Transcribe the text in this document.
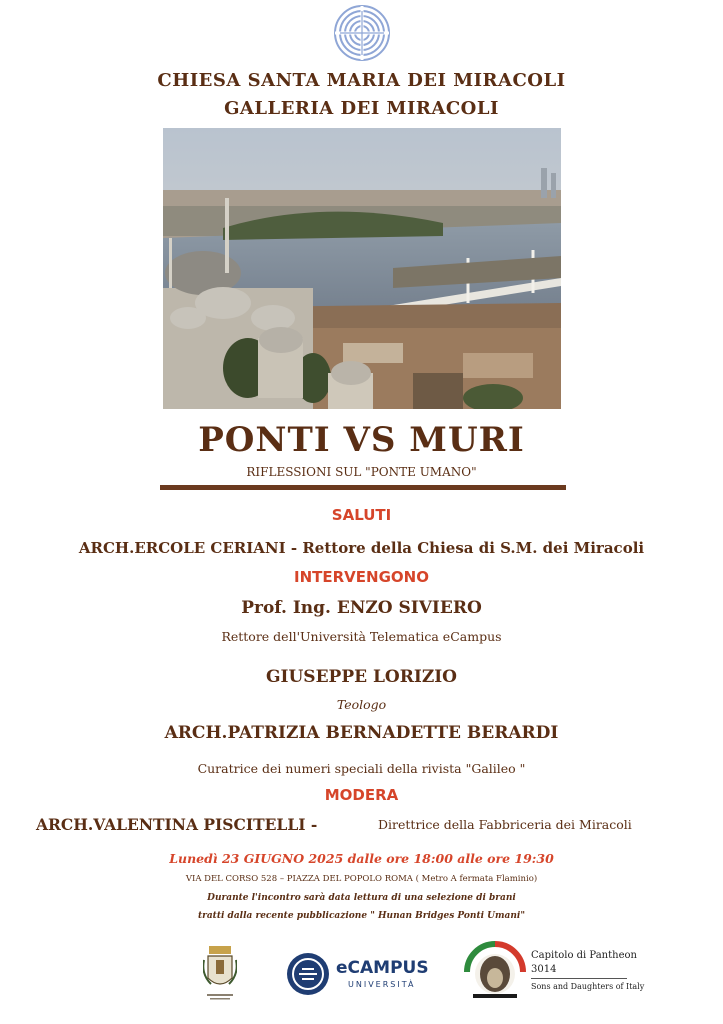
CHIESA SANTA MARIA DEI MIRACOLI
GALLERIA DEI MIRACOLI
PONTI VS MURI
RIFLESSIONI SUL "PONTE UMANO"
SALUTI
ARCH.ERCOLE CERIANI - Rettore della Chiesa di S.M. dei Miracoli
INTERVENGONO
Prof. Ing. ENZO SIVIERO
Rettore dell'Università Telematica eCampus
GIUSEPPE LORIZIO
Teologo
ARCH.PATRIZIA BERNADETTE BERARDI
Curatrice dei numeri speciali della rivista "Galileo "
MODERA
ARCH.VALENTINA PISCITELLI -	Direttrice della Fabbriceria dei Miracoli
Lunedì 23 GIUGNO 2025 dalle ore 18:00 alle ore 19:30
VIA DEL CORSO 528 – PIAZZA DEL POPOLO ROMA ( Metro A fermata Flaminio)
Durante l'incontro sarà data lettura di una selezione di brani
tratti dalla recente pubblicazione " Hunan Bridges Ponti Umani"
eCAMPUS
UNIVERSITÀ
Capitolo di Pantheon
3014
Sons and Daughters of Italy
